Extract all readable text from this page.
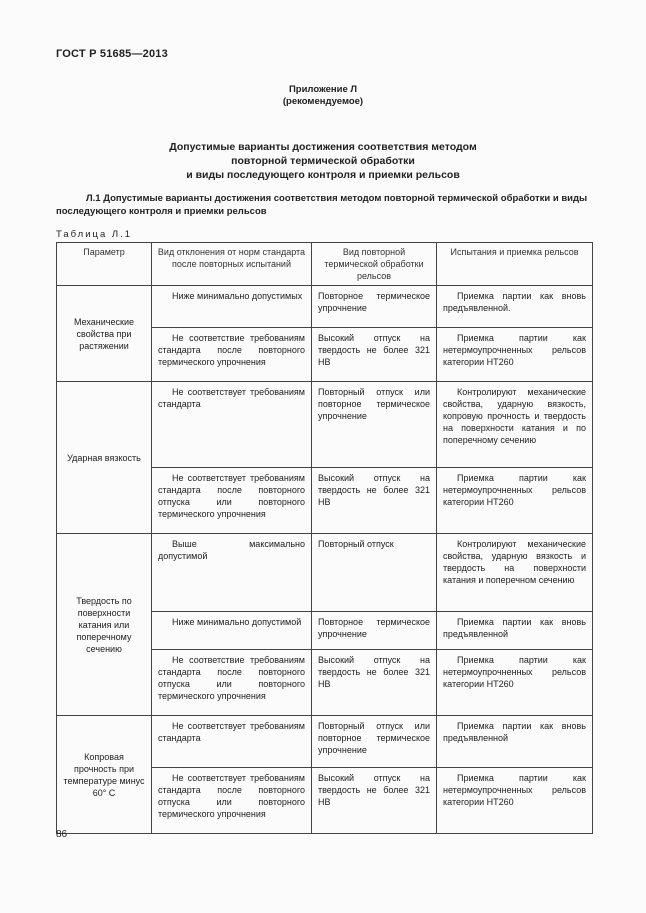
ГОСТ Р 51685—2013
Приложение Л
(рекомендуемое)
Допустимые варианты достижения соответствия методом
повторной термической обработки
и виды последующего контроля и приемки рельсов
Л.1 Допустимые варианты достижения соответствия методом повторной термической обработки и виды последующего контроля и приемки рельсов
Таблица Л.1
Параметр	Вид отклонения от норм стандарта после повторных испытаний	Вид повторной термической обработки рельсов	Испытания и приемка рельсов
Механические свойства при растяжении	Ниже минимально допустимых	Повторное термическое упрочнение	Приемка партии как вновь предъявленной.
	Не соответствие требованиям стандарта после повторного термического упрочнения	Высокий отпуск на твердость не более 321 НВ	Приемка партии как нетермоупрочненных рельсов категории НТ260
Ударная вязкость	Не соответствует требованиям стандарта	Повторный отпуск или повторное термическое упрочнение	Контролируют механические свойства, ударную вязкость, копровую прочность и твердость на поверхности катания и по поперечному сечению
	Не соответствует требованиям стандарта после повторного отпуска или повторного термического упрочнения	Высокий отпуск на твердость не более 321 НВ	Приемка партии как нетермоупрочненных рельсов категории НТ260
Твердость по поверхности катания или поперечному сечению	Выше максимально допустимой	Повторный отпуск	Контролируют механические свойства, ударную вязкость и твердость на поверхности катания и поперечном сечению
	Ниже минимально допустимой	Повторное термическое упрочнение	Приемка партии как вновь предъявленной
	Не соответствие требованиям стандарта после повторного отпуска или повторного термического упрочнения	Высокий отпуск на твердость не более 321 НВ	Приемка партии как нетермоупрочненных рельсов категории НТ260
Копровая прочность при температуре минус 60° С	Не соответствует требованиям стандарта	Повторный отпуск или повторное термическое упрочнение	Приемка партии как вновь предъявленной
	Не соответствует требованиям стандарта после повторного отпуска или повторного термического упрочнения	Высокий отпуск на твердость не более 321 НВ	Приемка партии как нетермоупрочненных рельсов категории НТ260
86
